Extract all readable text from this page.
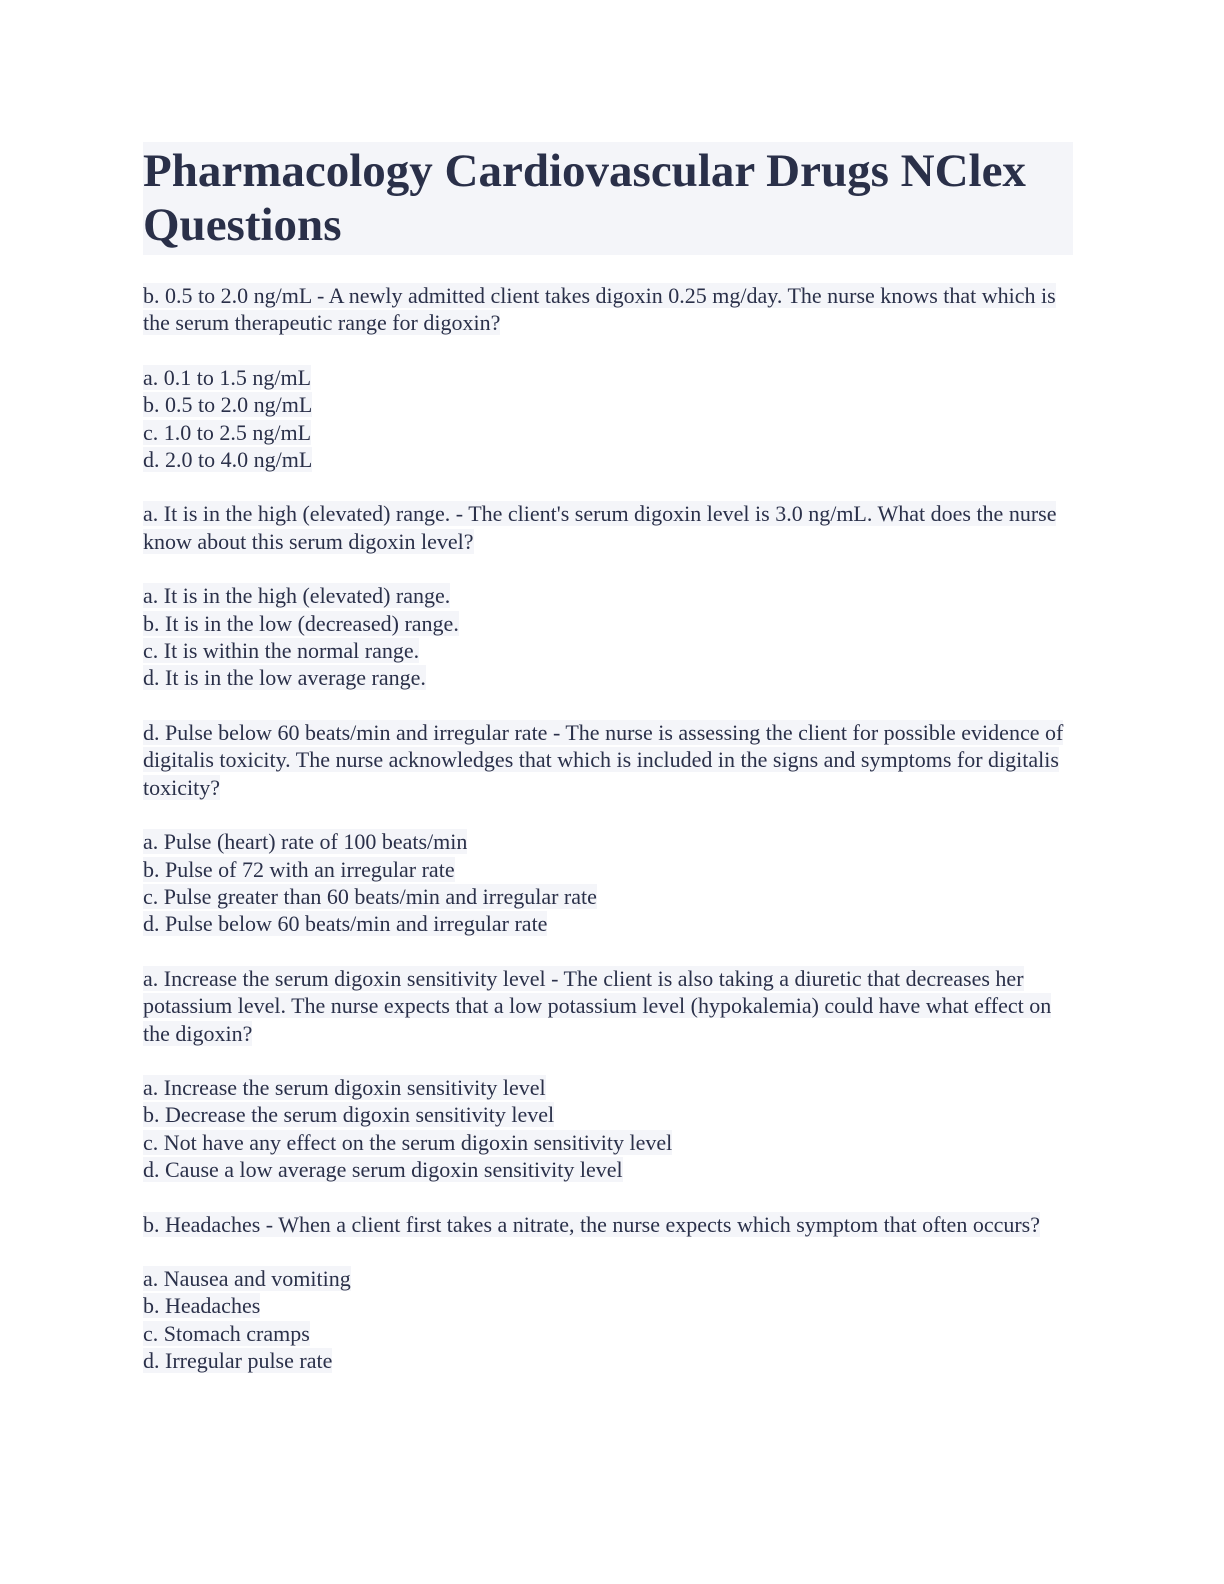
Pharmacology Cardiovascular Drugs NClex Questions
b. 0.5 to 2.0 ng/mL - A newly admitted client takes digoxin 0.25 mg/day. The nurse knows that which is the serum therapeutic range for digoxin?
a. 0.1 to 1.5 ng/mL
b. 0.5 to 2.0 ng/mL
c. 1.0 to 2.5 ng/mL
d. 2.0 to 4.0 ng/mL
a. It is in the high (elevated) range. - The client's serum digoxin level is 3.0 ng/mL. What does the nurse know about this serum digoxin level?
a. It is in the high (elevated) range.
b. It is in the low (decreased) range.
c. It is within the normal range.
d. It is in the low average range.
d. Pulse below 60 beats/min and irregular rate - The nurse is assessing the client for possible evidence of digitalis toxicity. The nurse acknowledges that which is included in the signs and symptoms for digitalis toxicity?
a. Pulse (heart) rate of 100 beats/min
b. Pulse of 72 with an irregular rate
c. Pulse greater than 60 beats/min and irregular rate
d. Pulse below 60 beats/min and irregular rate
a. Increase the serum digoxin sensitivity level - The client is also taking a diuretic that decreases her potassium level. The nurse expects that a low potassium level (hypokalemia) could have what effect on the digoxin?
a. Increase the serum digoxin sensitivity level
b. Decrease the serum digoxin sensitivity level
c. Not have any effect on the serum digoxin sensitivity level
d. Cause a low average serum digoxin sensitivity level
b. Headaches - When a client first takes a nitrate, the nurse expects which symptom that often occurs?
a. Nausea and vomiting
b. Headaches
c. Stomach cramps
d. Irregular pulse rate
